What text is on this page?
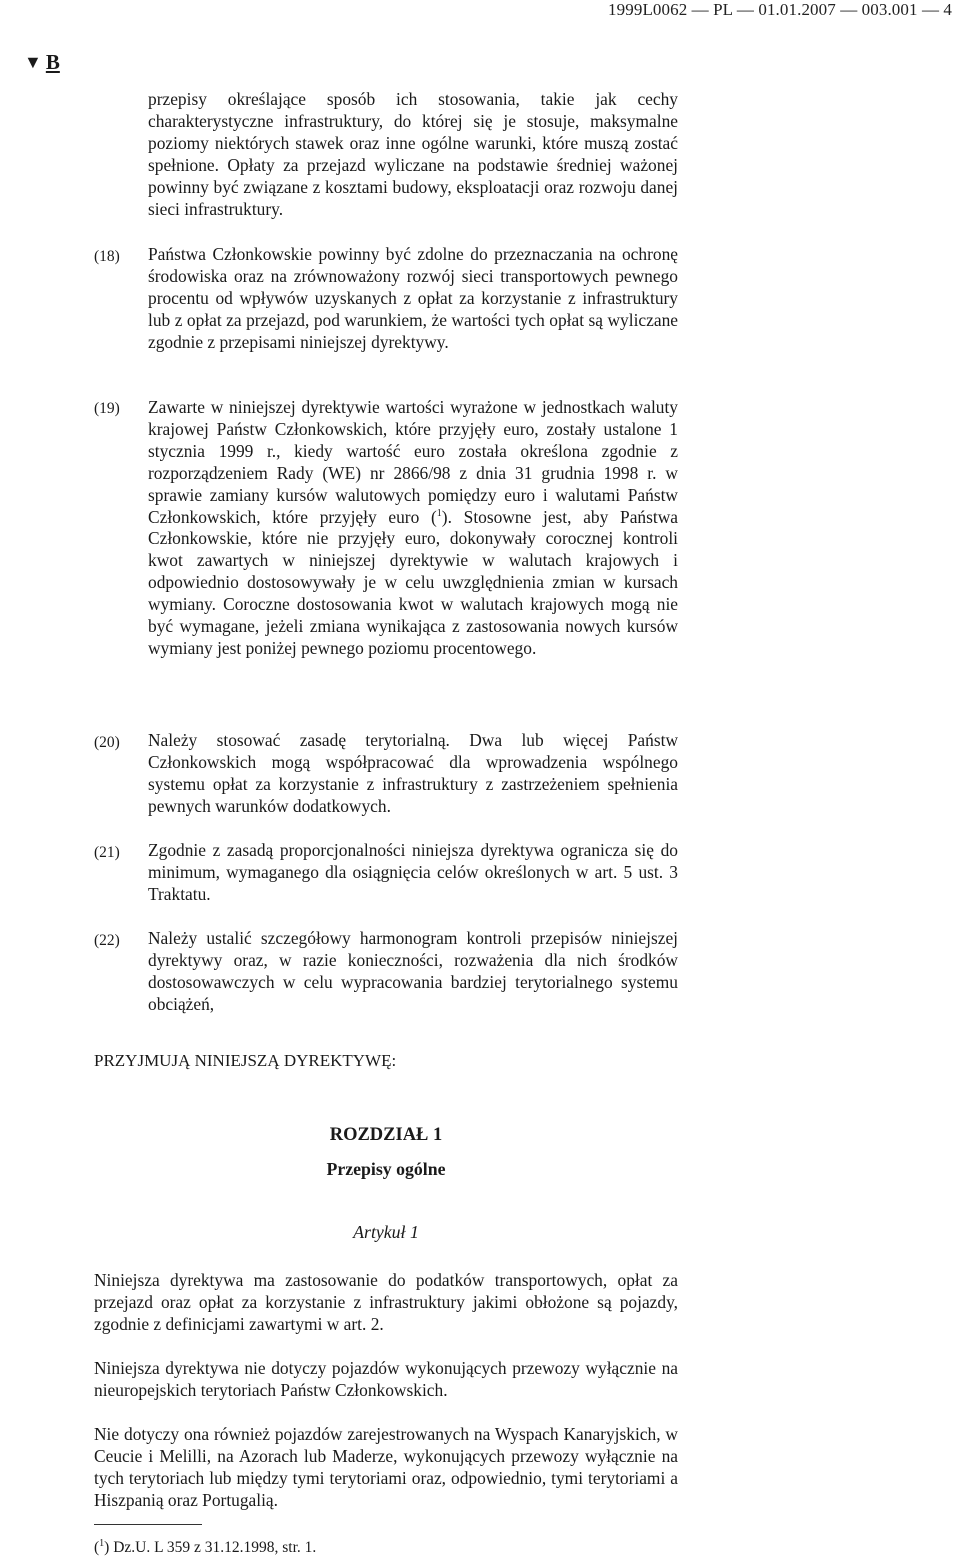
1999L0062 — PL — 01.01.2007 — 003.001 — 4
▼ B

przepisy określające sposób ich stosowania, takie jak cechy charakterystyczne infrastruktury, do której się je stosuje, maksymalne poziomy niektórych stawek oraz inne ogólne warunki, które muszą zostać spełnione. Opłaty za przejazd wyliczane na podstawie średniej ważonej powinny być związane z kosztami budowy, eksploatacji oraz rozwoju danej sieci infrastruktury.

(18) Państwa Członkowskie powinny być zdolne do przeznaczania na ochronę środowiska oraz na zrównoważony rozwój sieci transportowych pewnego procentu od wpływów uzyskanych z opłat za korzystanie z infrastruktury lub z opłat za przejazd, pod warunkiem, że wartości tych opłat są wyliczane zgodnie z przepisami niniejszej dyrektywy.

(19) Zawarte w niniejszej dyrektywie wartości wyrażone w jednostkach waluty krajowej Państw Członkowskich, które przyjęły euro, zostały ustalone 1 stycznia 1999 r., kiedy wartość euro została określona zgodnie z rozporządzeniem Rady (WE) nr 2866/98 z dnia 31 grudnia 1998 r. w sprawie zamiany kursów walutowych pomiędzy euro i walutami Państw Członkowskich, które przyjęły euro ($^1$). Stosowne jest, aby Państwa Członkowskie, które nie przyjęły euro, dokonywały corocznej kontroli kwot zawartych w niniejszej dyrektywie w walutach krajowych i odpowiednio dostosowywały je w celu uwzględnienia zmian w kursach wymiany. Coroczne dostosowania kwot w walutach krajowych mogą nie być wymagane, jeżeli zmiana wynikająca z zastosowania nowych kursów wymiany jest poniżej pewnego poziomu procentowego.

(20) Należy stosować zasadę terytorialną. Dwa lub więcej Państw Członkowskich mogą współpracować dla wprowadzenia wspólnego systemu opłat za korzystanie z infrastruktury z zastrzeżeniem spełnienia pewnych warunków dodatkowych.

(21) Zgodnie z zasadą proporcjonalności niniejsza dyrektywa ogranicza się do minimum, wymaganego dla osiągnięcia celów określonych w art. 5 ust. 3 Traktatu.

(22) Należy ustalić szczegółowy harmonogram kontroli przepisów niniejszej dyrektywy oraz, w razie konieczności, rozważenia dla nich środków dostosowawczych w celu wypracowania bardziej terytorialnego systemu obciążeń,

PRZYJMUJĄ NINIEJSZĄ DYREKTYWĘ:
ROZDZIAŁ 1
Przepisy ogólne
Artykuł 1
Niniejsza dyrektywa ma zastosowanie do podatków transportowych, opłat za przejazd oraz opłat za korzystanie z infrastruktury jakimi obłożone są pojazdy, zgodnie z definicjami zawartymi w art. 2.
Niniejsza dyrektywa nie dotyczy pojazdów wykonujących przewozy wyłącznie na nieuropejskich terytoriach Państw Członkowskich.
Nie dotyczy ona również pojazdów zarejestrowanych na Wyspach Kanaryjskich, w Ceucie i Melilli, na Azorach lub Maderze, wykonujących przewozy wyłącznie na tych terytoriach lub między tymi terytoriami oraz, odpowiednio, tymi terytoriami a Hiszpanią oraz Portugalią.
($^1$) Dz.U. L 359 z 31.12.1998, str. 1.
